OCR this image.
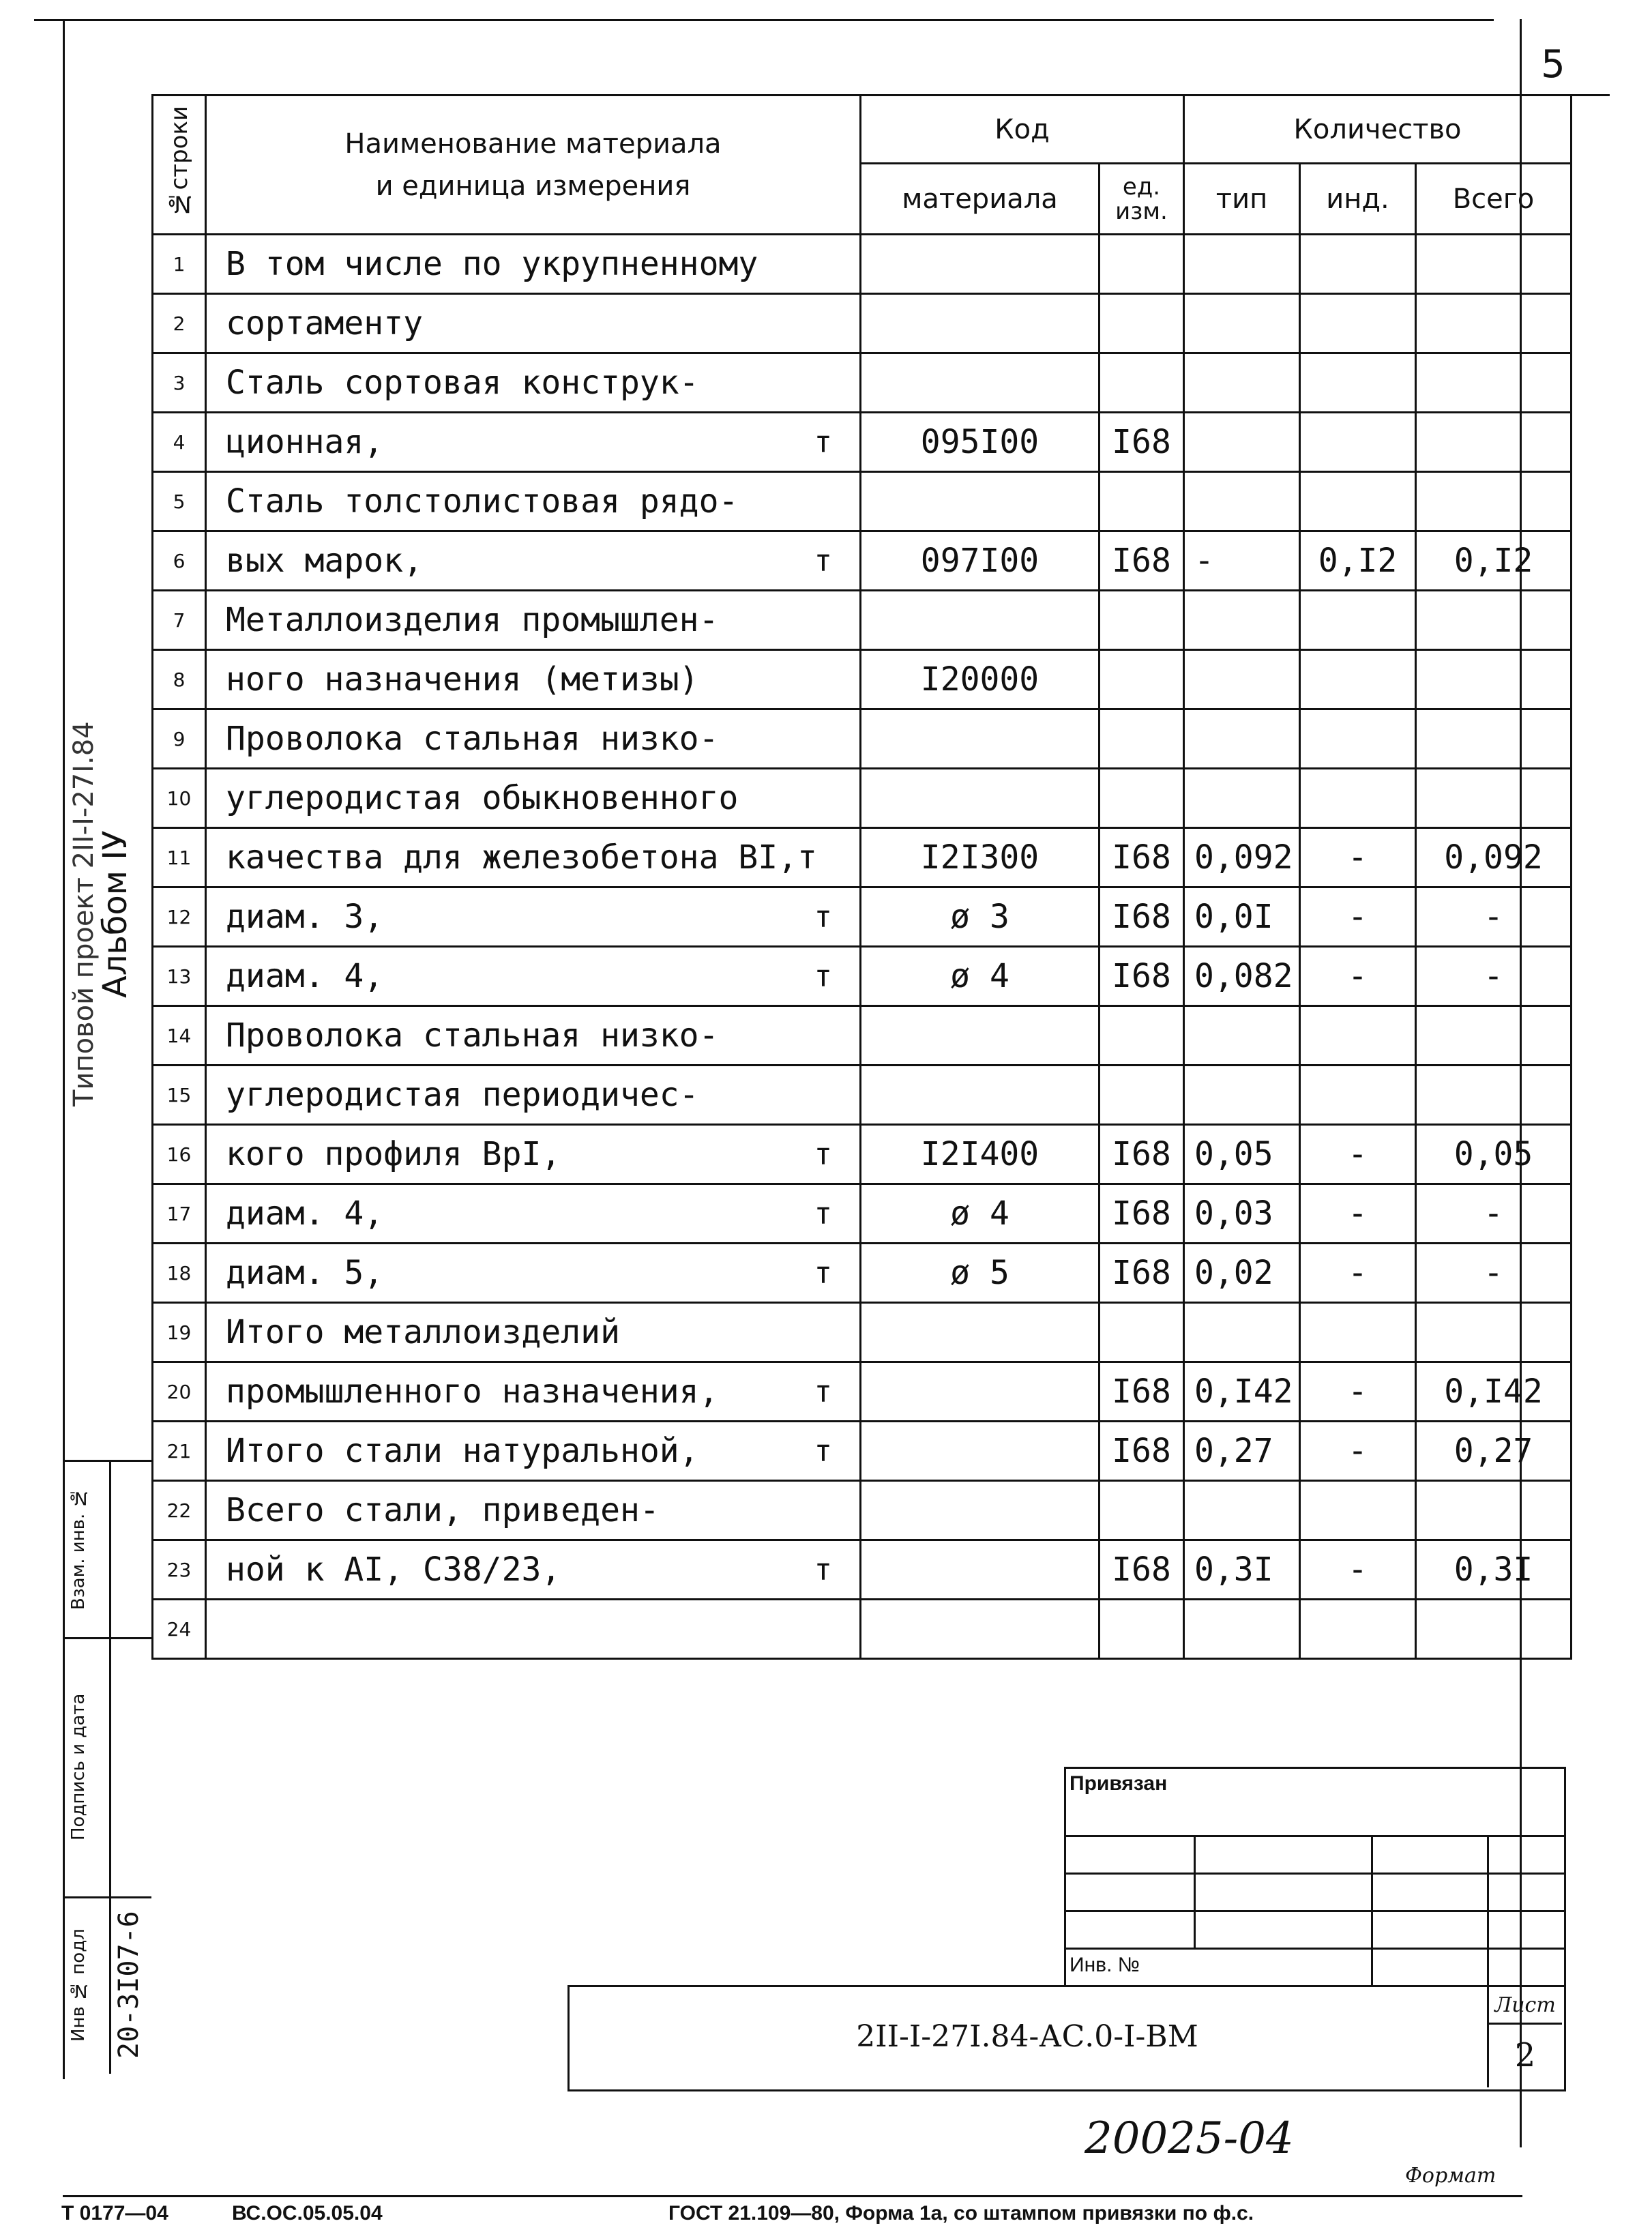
5
№строки	Наименование материала
и единица измерения	Код		Количество		
		материала	ед. изм.	тип	инд.	Всего
1	В том числе по укрупненному

2	сортаменту

3	Сталь сортовая конструк-

4	ционная, т	095I00	I68			
5	Сталь толстолистовая рядо-

6	вых марок, т	097I00	I68	-	0,I2	0,I2
7	Металлоизделия промышлен-

8	ного назначения (метизы)	I20000				
9	Проволока стальная низко-

10	углеродистая обыкновенного

11	качества для железобетона ВI,т	I2I300	I68	0,092	-	0,092
12	диам. 3, т	ø 3	I68	0,0I	-	-
13	диам. 4, т	ø 4	I68	0,082	-	-
14	Проволока стальная низко-

15	углеродистая периодичес-

16	кого профиля ВрI, т	I2I400	I68	0,05	-	0,05
17	диам. 4, т	ø 4	I68	0,03	-	-
18	диам. 5, т	ø 5	I68	0,02	-	-
19	Итого металлоизделий

20	промышленного назначения, т		I68	0,I42	-	0,I42
21	Итого стали натуральной, т		I68	0,27	-	0,27
22	Всего стали, приведен-

23	ной к АI, С38/23, т		I68	0,3I	-	0,3I
24	

Типовой проект 2II-I-27I.84
Альбом IУ
Взам. инв. №
Подпись и дата
Инв № подл 20-3I07-6
Привязан
Инв. №
2II-I-27I.84-АС.0-I-ВМ
Лист
2
20025-04
Т 0177—04	ВС.ОС.05.05.04	ГОСТ 21.109—80, Форма 1а, со штампом привязки по ф.с.
Формат
